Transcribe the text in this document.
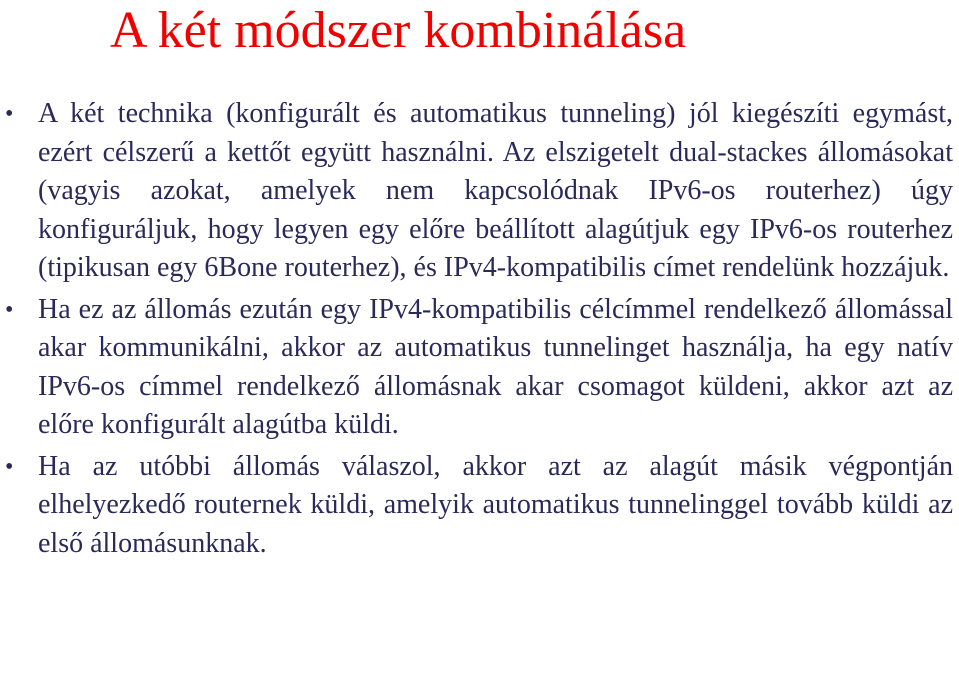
A két módszer kombinálása
• A két technika (konfigurált és automatikus tunneling) jól kiegészíti egymást, ezért célszerű a kettőt együtt használni. Az elszigetelt dual-stackes állomásokat (vagyis azokat, amelyek nem kapcsolódnak IPv6-os routerhez) úgy konfiguráljuk, hogy legyen egy előre beállított alagútjuk egy IPv6-os routerhez (tipikusan egy 6Bone routerhez), és IPv4-kompatibilis címet rendelünk hozzájuk.
• Ha ez az állomás ezután egy IPv4-kompatibilis célcímmel rendelkező állomással akar kommunikálni, akkor az automatikus tunnelinget használja, ha egy natív IPv6-os címmel rendelkező állomásnak akar csomagot küldeni, akkor azt az előre konfigurált alagútba küldi.
• Ha az utóbbi állomás válaszol, akkor azt az alagút másik végpontján elhelyezkedő routernek küldi, amelyik automatikus tunnelinggel tovább küldi az első állomásunknak.
